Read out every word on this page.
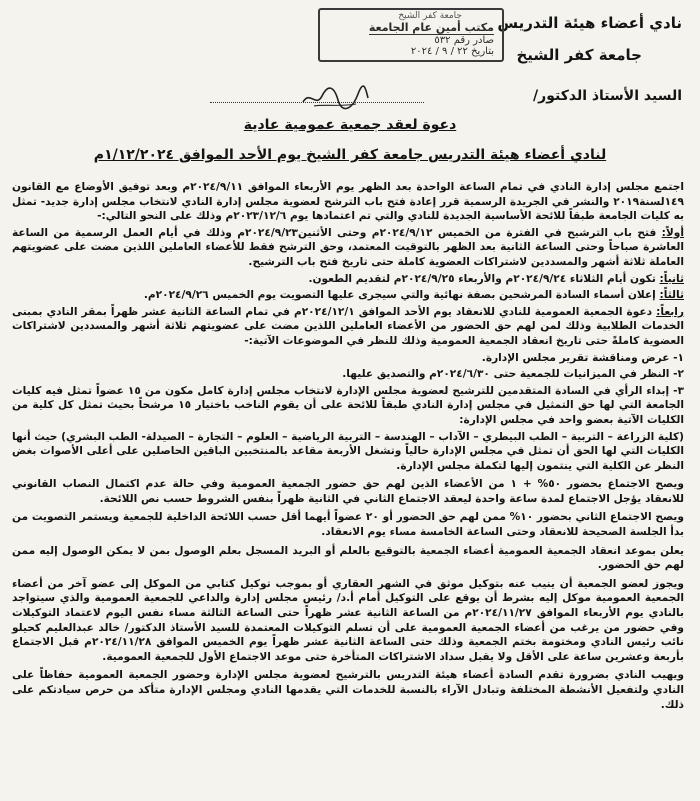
نادي أعضاء هيئة التدريس
جامعة كفر الشيخ
جامعة كفر الشيخ
مكتب أمين عام الجامعة
صادر رقم ٥٣٢
بتاريخ ٢٢ / ٩ / ٢٠٢٤
السيد الأستاذ الدكتور/
دعوة لعقد جمعية عمومية عادية
لنادي أعضاء هيئة التدريس جامعة كفر الشيخ يوم الأحد الموافق ١/١٢/٢٠٢٤م

اجتمع مجلس إدارة النادي في تمام الساعة الواحدة بعد الظهر يوم الأربعاء الموافق ٢٠٢٤/٩/١١م وبعد توفيق الأوضاع مع القانون ١٤٩لسنة٢٠١٩ والنشر في الجريدة الرسمية قرر إعادة فتح باب الترشح لعضوية مجلس إدارة النادي لانتخاب مجلس إدارة جديد- تمثل به كليات الجامعة طبقاً للائحة الأساسية الجديدة للنادي والتي تم اعتمادها يوم ٢٠٢٣/١٢/٦م وذلك على النحو التالي:-

أولاً: فتح باب الترشيح في الفترة من الخميس ٢٠٢٤/٩/١٢م وحتى الأثنين٢٠٢٤/٩/٢٣م وذلك في أيام العمل الرسمية من الساعة العاشرة صباحاً وحتى الساعة الثانية بعد الظهر بالتوقيت المعتمد، وحق الترشح فقط للأعضاء العاملين اللذين مضت على عضويتهم العاملة ثلاثة أشهر والمسددين لاشتراكات العضوية كاملة حتى تاريخ فتح باب الترشيح.

ثانياً: تكون أيام الثلاثاء ٢٠٢٤/٩/٢٤م والأربعاء ٢٠٢٤/٩/٢٥م لتقديم الطعون.

ثالثاً: إعلان أسماء السادة المرشحين بصفة نهائية والتي سيجرى عليها التصويت يوم الخميس ٢٠٢٤/٩/٢٦م.

رابعاً: دعوة الجمعية العمومية للنادي للانعقاد يوم الأحد الموافق ٢٠٢٤/١٢/١م في تمام الساعة الثانية عشر ظهراً بمقر النادي بمبنى الخدمات الطلابية وذلك لمن لهم حق الحضور من الأعضاء العاملين اللذين مضت على عضويتهم ثلاثة أشهر والمسددين لاشتراكات العضوية كاملةً حتى تاريخ انعقاد الجمعية العمومية وذلك للنظر في الموضوعات الآتية:-

١- عرض ومناقشة تقرير مجلس الإدارة.

٢- النظر في الميزانيات للجمعية حتى ٢٠٢٤/٦/٣٠م والتصديق عليها.

٣- إبداء الرأي في السادة المتقدمين للترشيح لعضوية مجلس الإدارة لانتخاب مجلس إدارة كامل مكون من ١٥ عضواً تمثل فيه كليات الجامعة التي لها حق التمثيل في مجلس إدارة النادي طبقاً للائحة على أن يقوم الناخب باختيار ١٥ مرشحاً بحيث تمثل كل كلية من الكليات الآتية بعضو واحد في مجلس الإدارة:

(كلية الزراعة – التربية – الطب البيطري – الآداب – الهندسة – التربية الرياضية – العلوم – التجارة – الصيدلة- الطب البشري) حيث أنها الكليات التي لها الحق أن تمثل في مجلس الإدارة حالياً وتشغل الأربعة مقاعد بالمنتخبين الباقين الحاصلين على أعلى الأصوات بغض النظر عن الكلية التي ينتمون إليها لتكملة مجلس الإدارة.

ويصح الاجتماع بحضور ٥٠% + ١ من الأعضاء الذين لهم حق حضور الجمعية العمومية وفي حالة عدم اكتمال النصاب القانوني للانعقاد يؤجل الاجتماع لمدة ساعة واحدة ليعقد الاجتماع الثاني في الثانية ظهراً بنفس الشروط حسب نص اللائحة.

ويصح الاجتماع الثاني بحضور ١٠% ممن لهم حق الحضور أو ٢٠ عضواً أيهما أقل حسب اللائحة الداخلية للجمعية ويستمر التصويت من بدأ الجلسة الصحيحة للانعقاد وحتى الساعة الخامسة مساء يوم الانعقاد.

يعلن بموعد انعقاد الجمعية العمومية أعضاء الجمعية بالتوقيع بالعلم أو البريد المسجل بعلم الوصول بمن لا يمكن الوصول إليه ممن لهم حق الحضور.

ويجوز لعضو الجمعية أن ينيب عنه بتوكيل موثق في الشهر العقاري أو بموجب توكيل كتابي من الموكل إلى عضو آخر من أعضاء الجمعية العمومية موكل إليه بشرط أن يوقع على التوكيل أمام أ.د/ رئيس مجلس إدارة والداعي للجمعية العمومية والذي سيتواجد بالنادي يوم الأربعاء الموافق ٢٠٢٤/١١/٢٧م من الساعة الثانية عشر ظهراً حتى الساعة الثالثة مساء نفس اليوم لاعتماد التوكيلات وفي حضور من يرغب من أعضاء الجمعية العمومية على أن تسلم التوكيلات المعتمدة للسيد الأستاذ الدكتور/ خالد عبدالعليم كحيلو نائب رئيس النادي ومختومة بختم الجمعية وذلك حتى الساعة الثانية عشر ظهراً يوم الخميس الموافق ٢٠٢٤/١١/٢٨م قبل الاجتماع بأربعة وعشرين ساعة على الأقل ولا يقبل سداد الاشتراكات المتأخرة حتى موعد الاجتماع الأول للجمعية العمومية.

ويهيب النادي بضرورة تقدم السادة أعضاء هيئة التدريس بالترشيح لعضوية مجلس الإدارة وحضور الجمعية العمومية حفاظاً على النادي ولتفعيل الأنشطة المختلفة وتبادل الآراء بالنسبة للخدمات التي يقدمها النادي ومجلس الإدارة متأكد من حرص سيادتكم على ذلك.
